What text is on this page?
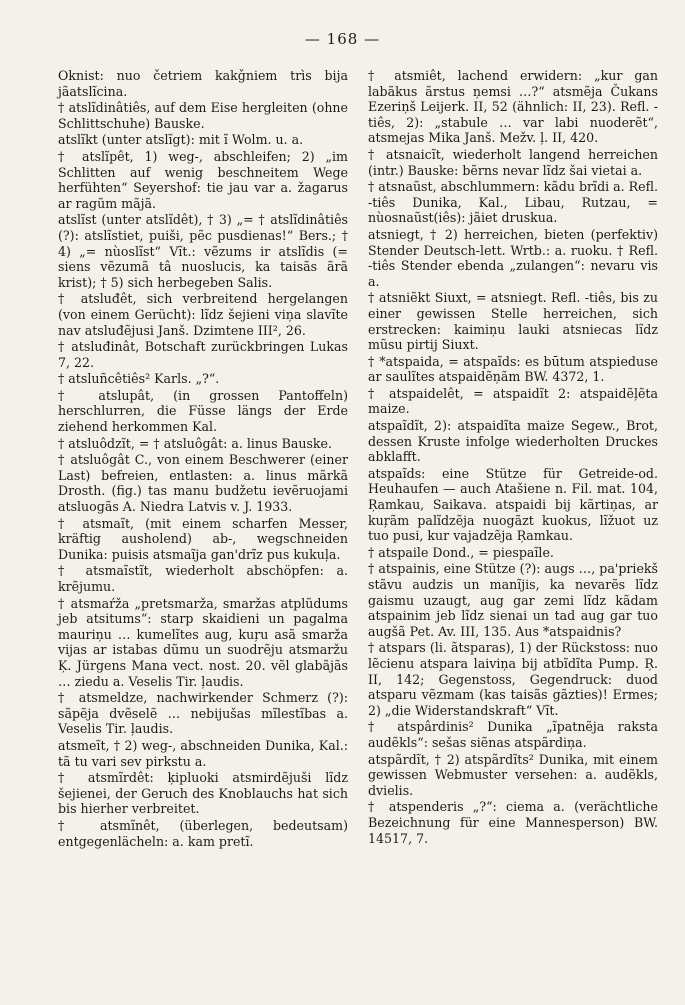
— 168 —

Oknist: nuo četriem kakǧniem trìs bija jãatslĩcina.

† atslĩdinâtiês, auf dem Eise hergleiten (ohne Schlittschuhe) Bauske.

atslĩkt (unter atslĩgt): mit ĩ Wolm. u. a.

† atslĩpêt, 1) weg-, abschleifen; 2) „im Schlitten auf wenig beschneitem Wege herfühten“ Seyershof: tie jau var a. žagarus ar ragũm mãjã.

atslĩst (unter atslĩdêt), † 3) „= † atslĩdinâtiês (?): atslĩstiet, puiši, pẽc pusdienas!“ Bers.; † 4) „= nùoslĩst“ Vĩt.: vẽzums ir atslĩdis (= siens vẽzumã tâ nuoslucis, ka taisãs ãrã krist); † 5) sich herbegeben Salis.

† atsluđêt, sich verbreitend hergelangen (von einem Gerücht): lĩdz šejieni viņa slavĩte nav atsluđẽjusi Janš. Dzimtene III², 26.

† atsluđinât, Botschaft zurückbringen Lukas 7, 22.

† atsluñcêtiês² Karls. „?“.

† atslupât, (in grossen Pantoffeln) herschlurren, die Füsse längs der Erde ziehend herkommen Kal.

† atsluôdzĩt, = † atsluôgât: a. linus Bauske.

† atsluôgât C., von einem Beschwerer (einer Last) befreien, entlasten: a. linus mãrkã Drosth. (fig.) tas manu budžetu ievẽruojami atsluogãs A. Niedra Latvis v. J. 1933.

† atsmaĩt, (mit einem scharfen Messer, kräftig ausholend) ab-, wegschneiden Dunika: puisis atsmaĩja gan'drĩz pus kukuļa.

† atsmaĩstĩt, wiederholt abschöpfen: a. krẽjumu.

† atsmaŕža „pretsmarža, smaržas atplũdums jeb atsitums“: starp skaidieni un pagalma mauriņu … kumelĩtes aug, kuŗu asã smarža vijas ar istabas dũmu un suodrẽju atsmaržu Ķ. Jürgens Mana vect. nost. 20. vẽl glabãjãs … ziedu a. Veselis Tir. ļaudis.

† atsmeldze, nachwirkender Schmerz (?): sãpẽja dvẽselẽ … nebijušas mĩlestĩbas a. Veselis Tir. ļaudis.

atsmeĩt, † 2) weg-, abschneiden Dunika, Kal.: tã tu vari sev pirkstu a.

† atsmĩrdêt: ķipluoki atsmirdẽjuši lĩdz šejienei, der Geruch des Knoblauchs hat sich bis hierher verbreitet.

† atsmĩnêt, (überlegen, bedeutsam) entgegenlächeln: a. kam pretĩ.

† atsmiêt, lachend erwidern: „kur gan labãkus ãrstus ņemsi …?“ atsmẽja Čukans Ezeriņš Leijerk. II, 52 (ähnlich: II, 23). Refl. -tiês, 2): „stabule … var labi nuoderẽt“, atsmejas Mika Janš. Mežv. ļ. II, 420.

† atsnaicĩt, wiederholt langend herreichen (intr.) Bauske: bẽrns nevar lĩdz šai vietai a.

† atsnaũst, abschlummern: kãdu brĩdi a. Refl. -tiês Dunika, Kal., Libau, Rutzau, = nùosnaũst(iês): jãiet druskua.

atsniegt, † 2) herreichen, bieten (perfektiv) Stender Deutsch-lett. Wrtb.: a. ruoku. † Refl. -tiês Stender ebenda „zulangen“: nevaru vis a.

† atsniẽkt Siuxt, = atsniegt. Refl. -tiês, bis zu einer gewissen Stelle herreichen, sich erstrecken: kaimiņu lauki atsniecas lĩdz mũsu pirtij Siuxt.

† *atspaida, = atspaĩds: es būtum atspieduse ar saulĩtes atspaidẽņãm BW. 4372, 1.

† atspaidelêt, = atspaidĩt 2: atspaidẽļẽta maize.

atspaĩdĩt, 2): atspaidĩta maize Segew., Brot, dessen Kruste infolge wiederholten Druckes abklafft.

atspaĩds: eine Stütze für Getreide-od. Heuhaufen — auch Atašiene n. Fil. mat. 104, Ŗamkau, Saikava. atspaidi bij kãrtiņas, ar kuŗãm palĩdzẽja nuogãzt kuokus, lĩžuot uz tuo pusi, kur vajadzẽja Ŗamkau.

† atspaile Dond., = piespaĩle.

† atspainis, eine Stütze (?): augs …, pa'priekš stãvu audzis un manĩjis, ka nevarẽs lĩdz gaismu uzaugt, aug gar zemi lĩdz kãdam atspainim jeb lĩdz sienai un tad aug gar tuo augšã Pet. Av. III, 135. Aus *atspaidnis?

† atspars (li. ãtsparas), 1) der Rückstoss: nuo lẽcienu atspara laiviņa bij atbĩdĩta Pump. Ŗ. II, 142; Gegenstoss, Gegendruck: duod atsparu vẽzmam (kas taisãs gãzties)! Ermes; 2) „die Widerstandskraft“ Vĩt.

† atspârdinis² Dunika „ĩpatnẽja raksta audẽkls“: sešas siẽnas atspãrdiņa.

atspãrdĩt, † 2) atspãrdĩts² Dunika, mit einem gewissen Webmuster versehen: a. audẽkls, dvielis.

† atspenderis „?“: ciema a. (verächtliche Bezeichnung für eine Mannesperson) BW. 14517, 7.
